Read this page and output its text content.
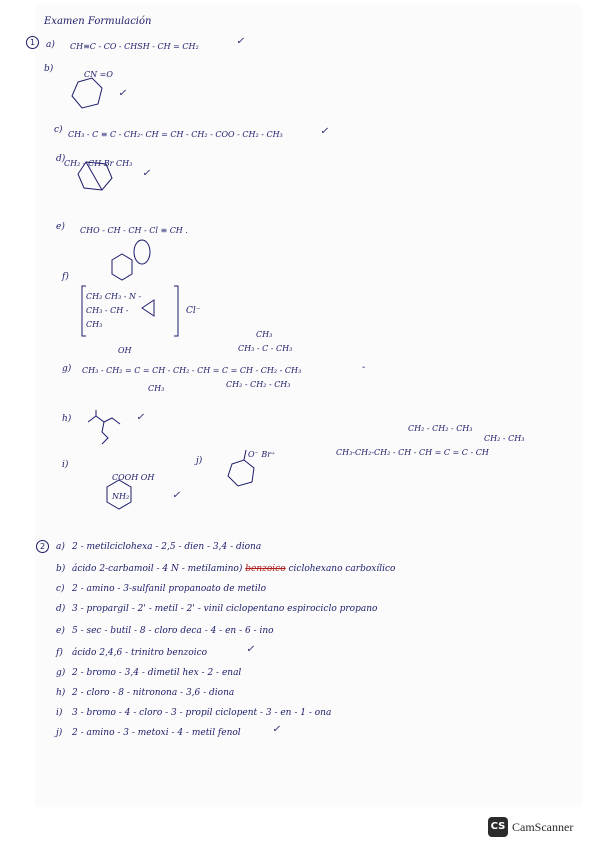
Examen Formulación
1	a) CH≡C - CO - CHSH - CH = CH₂	✓
b)
CN =O
✓
c) CH₃ - C ≡ C - CH₂- CH = CH - CH₂ - COO - CH₂ - CH₃	✓
d)
CH₂ - CH Br CH₃
✓
e) CHO - CH - CH - Cl ≡ CH .
f)
CH₂ CH₃ - N - CH₃ - CH - CH₃
Cl⁻
CH₃
CH₃ - C - CH₃
OH
g) CH₃ - CH₂ = C = CH - CH₂ - CH = C = CH - CH₂ - CH₃	-
CH₃	CH₂ - CH₂ - CH₃
h)	✓
i)
COOH OH NH₂	✓
j)
O⁻ Br⁺
CH₂ - CH₂ - CH₃
CH₃-CH₂-CH₂ - CH - CH = C = C - CH
CH₂ - CH₃
2	a) 2 - metilciclohexa - 2,5 - dien - 3,4 - diona
b) ácido 2-carbamoil - 4 N - metilamino) benzoico ciclohexano carboxílico
c) 2 - amino - 3-sulfanil propanoato de metilo
d) 3 - propargil - 2' - metil - 2' - vinil ciclopentano espirociclo propano
e) 5 - sec - butil - 8 - cloro deca - 4 - en - 6 - ino
f) ácido 2,4,6 - trinitro benzoico	✓
g) 2 - bromo - 3,4 - dimetil hex - 2 - enal
h) 2 - cloro - 8 - nitronona - 3,6 - diona
i) 3 - bromo - 4 - cloro - 3 - propil ciclopent - 3 - en - 1 - ona
j) 2 - amino - 3 - metoxi - 4 - metil fenol	✓
CS CamScanner
